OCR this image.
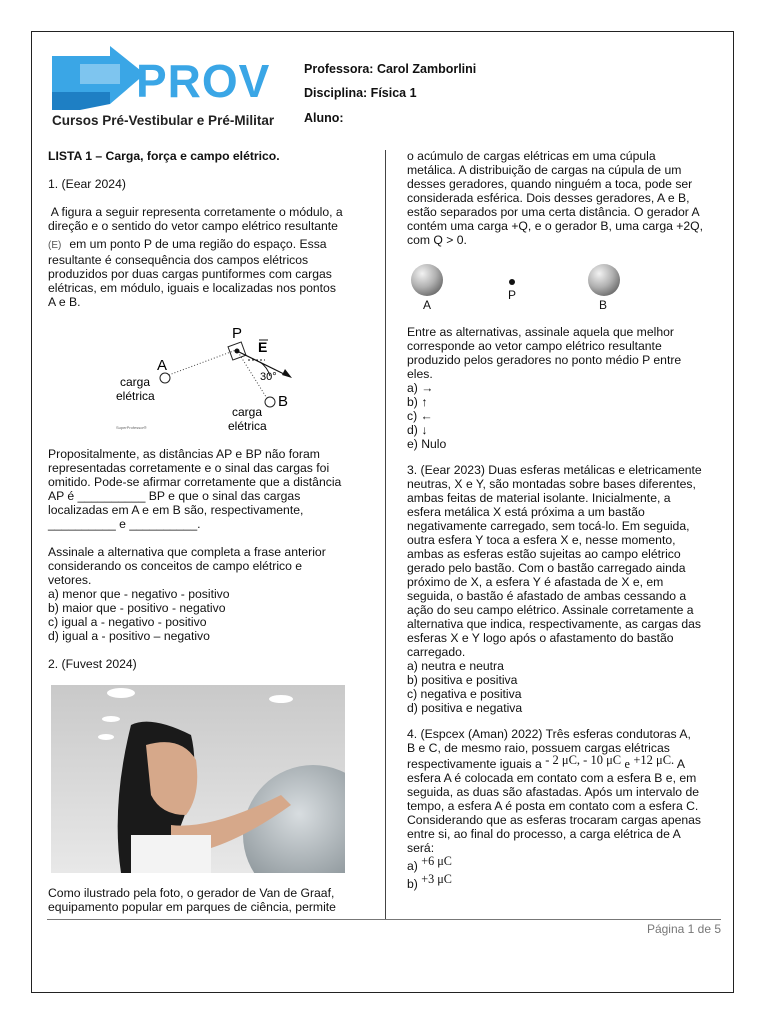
PROV
Cursos Pré-Vestibular e Pré-Militar
Professora: Carol Zamborlini
Disciplina: Física 1
Aluno:

LISTA 1 – Carga, força e campo elétrico.

1. (Eear 2024)

A figura a seguir representa corretamente o módulo, a

direção e o sentido do vetor campo elétrico resultante

(E) em um ponto P de uma região do espaço. Essa

resultante é consequência dos campos elétricos

produzidos por duas cargas puntiformes com cargas

elétricas, em módulo, iguais e localizadas nos pontos

A e B.

P
E
30°
A
B
carga
elétrica
carga
elétrica
SuperProfessor®

Propositalmente, as distâncias AP e BP não foram

representadas corretamente e o sinal das cargas foi

omitido. Pode-se afirmar corretamente que a distância

AP é __________ BP e que o sinal das cargas

localizadas em A e em B são, respectivamente,

__________ e __________.

Assinale a alternativa que completa a frase anterior

considerando os conceitos de campo elétrico e

vetores.

a) menor que - negativo - positivo

b) maior que - positivo - negativo

c) igual a - negativo - positivo

d) igual a - positivo – negativo

2. (Fuvest 2024)

Como ilustrado pela foto, o gerador de Van de Graaf,

equipamento popular em parques de ciência, permite

o acúmulo de cargas elétricas em uma cúpula

metálica. A distribuição de cargas na cúpula de um

desses geradores, quando ninguém a toca, pode ser

considerada esférica. Dois desses geradores, A e B,

estão separados por uma certa distância. O gerador A

contém uma carga +Q, e o gerador B, uma carga +2Q,

com Q > 0.

A
P
B

Entre as alternativas, assinale aquela que melhor

corresponde ao vetor campo elétrico resultante

produzido pelos geradores no ponto médio P entre

eles.

a) →

b) ↑

c) ←

d) ↓

e) Nulo

3. (Eear 2023) Duas esferas metálicas e eletricamente

neutras, X e Y, são montadas sobre bases diferentes,

ambas feitas de material isolante. Inicialmente, a

esfera metálica X está próxima a um bastão

negativamente carregado, sem tocá-lo. Em seguida,

outra esfera Y toca a esfera X e, nesse momento,

ambas as esferas estão sujeitas ao campo elétrico

gerado pelo bastão. Com o bastão carregado ainda

próximo de X, a esfera Y é afastada de X e, em

seguida, o bastão é afastado de ambas cessando a

ação do seu campo elétrico. Assinale corretamente a

alternativa que indica, respectivamente, as cargas das

esferas X e Y logo após o afastamento do bastão

carregado.

a) neutra e neutra

b) positiva e positiva

c) negativa e positiva

d) positiva e negativa

4. (Espcex (Aman) 2022) Três esferas condutoras A,

B e C, de mesmo raio, possuem cargas elétricas

respectivamente iguais a - 2 μC, - 10 μC e +12 μC. A

esfera A é colocada em contato com a esfera B e, em

seguida, as duas são afastadas. Após um intervalo de

tempo, a esfera A é posta em contato com a esfera C.

Considerando que as esferas trocaram cargas apenas

entre si, ao final do processo, a carga elétrica de A

será:

a) +6 μC

b) +3 μC

Página 1 de 5
